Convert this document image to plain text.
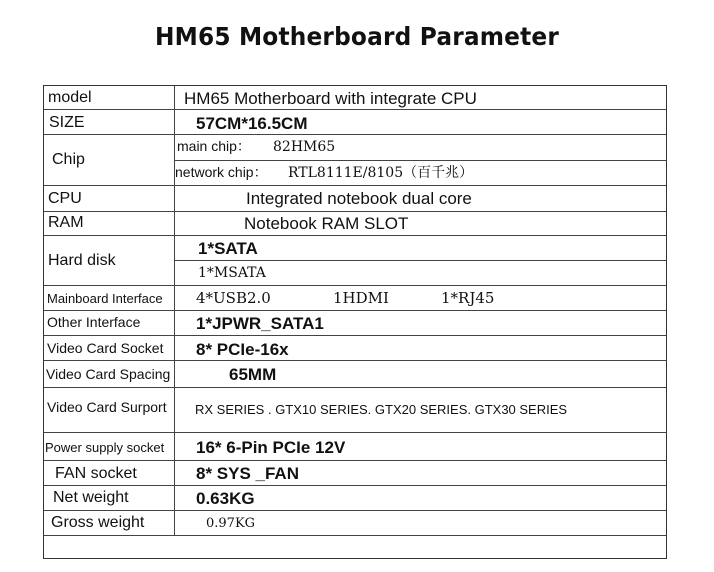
HM65 Motherboard Parameter
model
SIZE
Chip
CPU
RAM
Hard disk
Mainboard Interface
Other Interface
Video Card Socket
Video Card Spacing
Video Card Surport
Power supply socket
FAN socket
Net weight
Gross weight
HM65 Motherboard with integrate CPU
57CM*16.5CM
main chip： 82HM65
network chip： RTL8111E/8105（百千兆）
Integrated notebook dual core
Notebook RAM SLOT
1*SATA
1*MSATA
4*USB2.0	1HDMI	1*RJ45
1*JPWR_SATA1
8* PCIe-16x
65MM
RX SERIES . GTX10 SERIES. GTX20 SERIES. GTX30 SERIES
16* 6-Pin PCIe 12V
8* SYS _FAN
0.63KG
0.97KG
